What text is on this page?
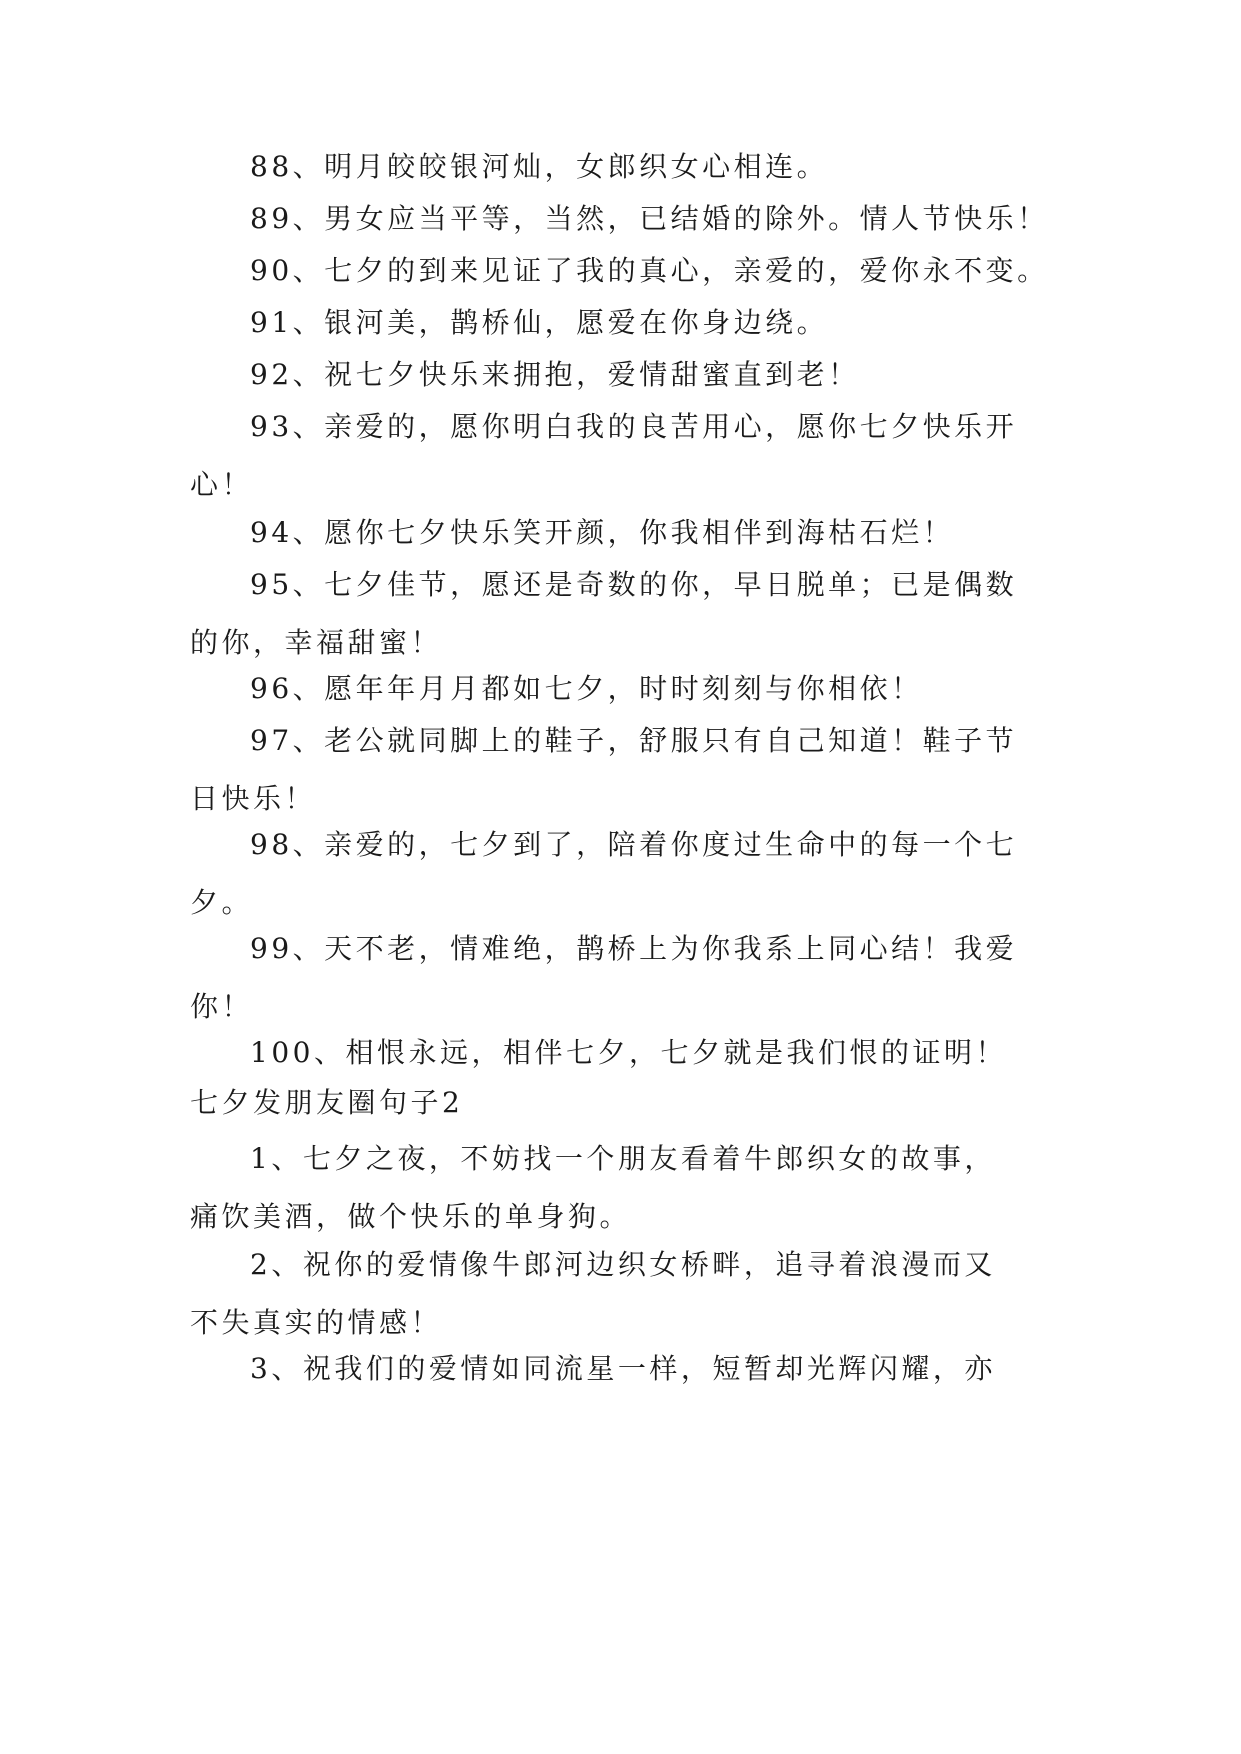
88、明月皎皎银河灿，女郎织女心相连。

89、男女应当平等，当然，已结婚的除外。情人节快乐！

90、七夕的到来见证了我的真心，亲爱的，爱你永不变。

91、银河美，鹊桥仙，愿爱在你身边绕。

92、祝七夕快乐来拥抱，爱情甜蜜直到老！

93、亲爱的，愿你明白我的良苦用心，愿你七夕快乐开
心！

94、愿你七夕快乐笑开颜，你我相伴到海枯石烂！

95、七夕佳节，愿还是奇数的你，早日脱单；已是偶数
的你，幸福甜蜜！

96、愿年年月月都如七夕，时时刻刻与你相依！

97、老公就同脚上的鞋子，舒服只有自己知道！鞋子节
日快乐！

98、亲爱的，七夕到了，陪着你度过生命中的每一个七
夕。

99、天不老，情难绝，鹊桥上为你我系上同心结！我爱
你！

100、相恨永远，相伴七夕，七夕就是我们恨的证明！

七夕发朋友圈句子2

1、七夕之夜，不妨找一个朋友看着牛郎织女的故事，
痛饮美酒，做个快乐的单身狗。

2、祝你的爱情像牛郎河边织女桥畔，追寻着浪漫而又
不失真实的情感！

3、祝我们的爱情如同流星一样，短暂却光辉闪耀，亦
